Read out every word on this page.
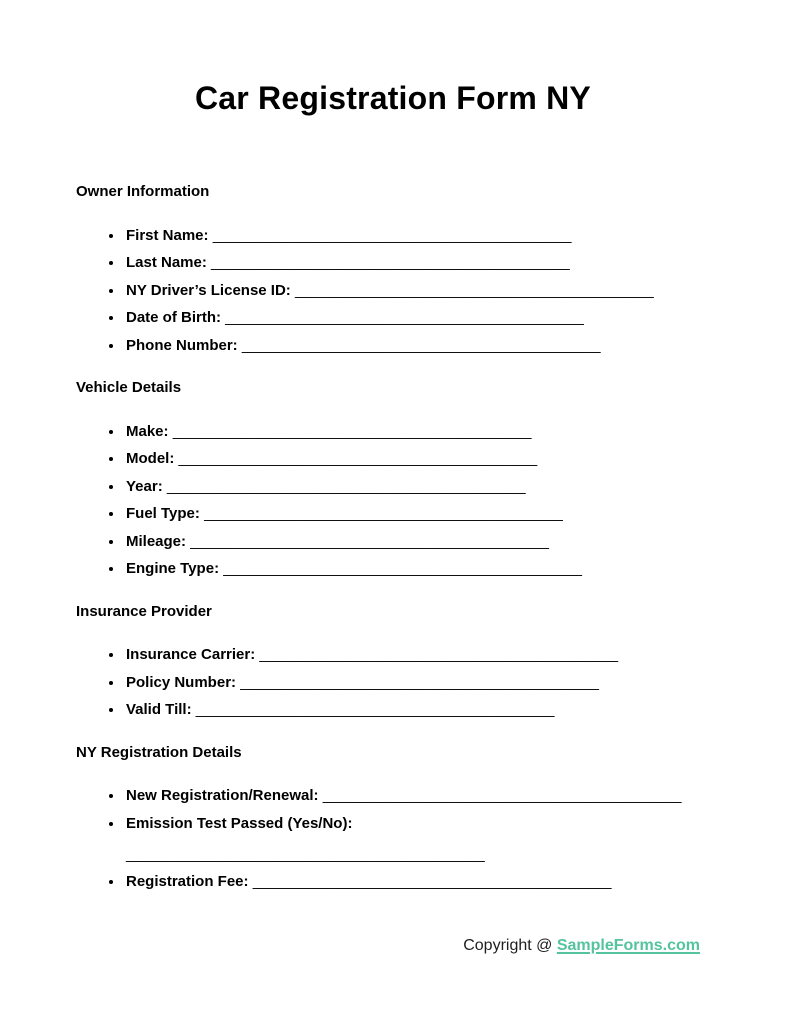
Car Registration Form NY
Owner Information
• First Name: ___________________________________________
• Last Name: ___________________________________________
• NY Driver’s License ID: ___________________________________________
• Date of Birth: ___________________________________________
• Phone Number: ___________________________________________
Vehicle Details
• Make: ___________________________________________
• Model: ___________________________________________
• Year: ___________________________________________
• Fuel Type: ___________________________________________
• Mileage: ___________________________________________
• Engine Type: ___________________________________________
Insurance Provider
• Insurance Carrier: ___________________________________________
• Policy Number: ___________________________________________
• Valid Till: ___________________________________________
NY Registration Details
• New Registration/Renewal: ___________________________________________
• Emission Test Passed (Yes/No):
___________________________________________
• Registration Fee: ___________________________________________
Copyright @ SampleForms.com
